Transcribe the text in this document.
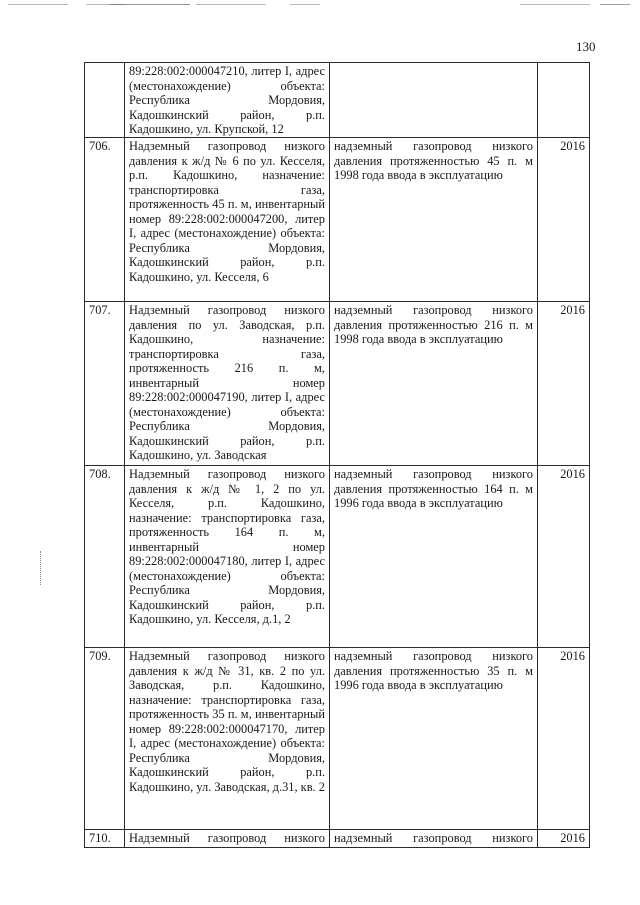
130
	89:228:002:000047210, литер I, адрес (местонахождение) объекта: Республика Мордовия, Кадошкинский район, р.п. Кадошкино, ул. Крупской, 12		
706.	Надземный газопровод низкого давления к ж/д № 6 по ул. Кесселя, р.п. Кадошкино, назначение: транспортировка газа, протяженность 45 п. м, инвентарный номер 89:228:002:000047200, литер I, адрес (местонахождение) объекта: Республика Мордовия, Кадошкинский район, р.п. Кадошкино, ул. Кесселя, 6	надземный газопровод низкого давления протяженностью 45 п. м 1998 года ввода в эксплуатацию	2016
707.	Надземный газопровод низкого давления по ул. Заводская, р.п. Кадошкино, назначение: транспортировка газа, протяженность 216 п. м, инвентарный номер 89:228:002:000047190, литер I, адрес (местонахождение) объекта: Республика Мордовия, Кадошкинский район, р.п. Кадошкино, ул. Заводская	надземный газопровод низкого давления протяженностью 216 п. м 1998 года ввода в эксплуатацию	2016
708.	Надземный газопровод низкого давления к ж/д № 1, 2 по ул. Кесселя, р.п. Кадошкино, назначение: транспортировка газа, протяженность 164 п. м, инвентарный номер 89:228:002:000047180, литер I, адрес (местонахождение) объекта: Республика Мордовия, Кадошкинский район, р.п. Кадошкино, ул. Кесселя, д.1, 2	надземный газопровод низкого давления протяженностью 164 п. м 1996 года ввода в эксплуатацию	2016
709.	Надземный газопровод низкого давления к ж/д № 31, кв. 2 по ул. Заводская, р.п. Кадошкино, назначение: транспортировка газа, протяженность 35 п. м, инвентарный номер 89:228:002:000047170, литер I, адрес (местонахождение) объекта: Республика Мордовия, Кадошкинский район, р.п. Кадошкино, ул. Заводская, д.31, кв. 2	надземный газопровод низкого давления протяженностью 35 п. м 1996 года ввода в эксплуатацию	2016
710.	Надземный газопровод низкого	надземный газопровод низкого	2016
